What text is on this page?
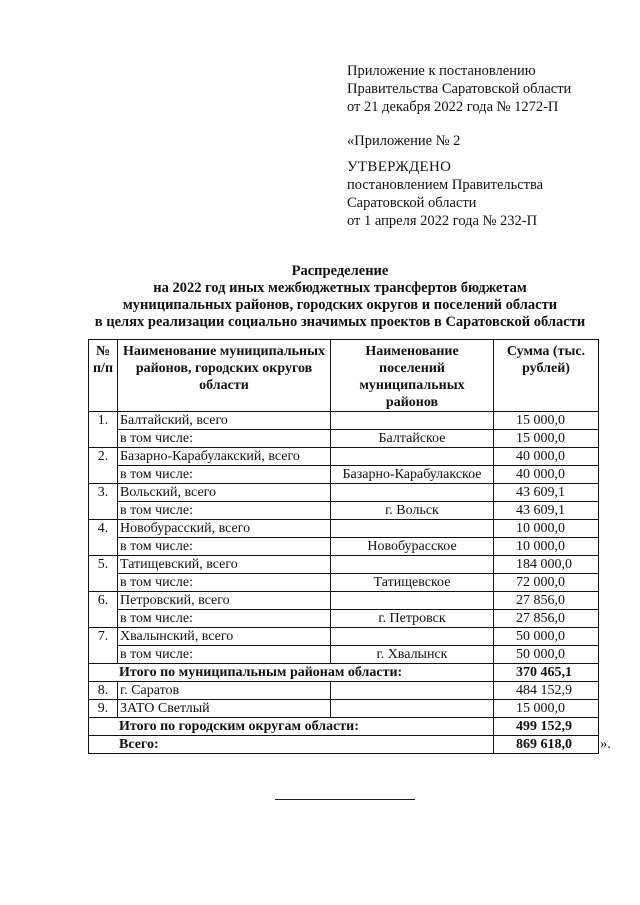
Приложение к постановлению
Правительства Саратовской области
от 21 декабря 2022 года № 1272-П
«Приложение № 2
УТВЕРЖДЕНО
постановлением Правительства
Саратовской области
от 1 апреля 2022 года № 232-П
Распределение
на 2022 год иных межбюджетных трансфертов бюджетам
муниципальных районов, городских округов и поселений области
в целях реализации социально значимых проектов в Саратовской области
№ п/п	Наименование муниципальных районов, городских округов области	Наименование поселений муниципальных районов	Сумма (тыс. рублей)
1.	Балтайский, всего		15 000,0
	в том числе:	Балтайское	15 000,0
2.	Базарно-Карабулакский, всего		40 000,0
	в том числе:	Базарно-Карабулакское	40 000,0
3.	Вольский, всего		43 609,1
	в том числе:	г. Вольск	43 609,1
4.	Новобурасский, всего		10 000,0
	в том числе:	Новобурасское	10 000,0
5.	Татищевский, всего		184 000,0
	в том числе:	Татищевское	72 000,0
6.	Петровский, всего		27 856,0
	в том числе:	г. Петровск	27 856,0
7.	Хвалынский, всего		50 000,0
	в том числе:	г. Хвалынск	50 000,0
Итого по муниципальным районам области:			370 465,1
8.	г. Саратов		484 152,9
9.	ЗАТО Светлый		15 000,0
Итого по городским округам области:			499 152,9
Всего:			869 618,0 ».
